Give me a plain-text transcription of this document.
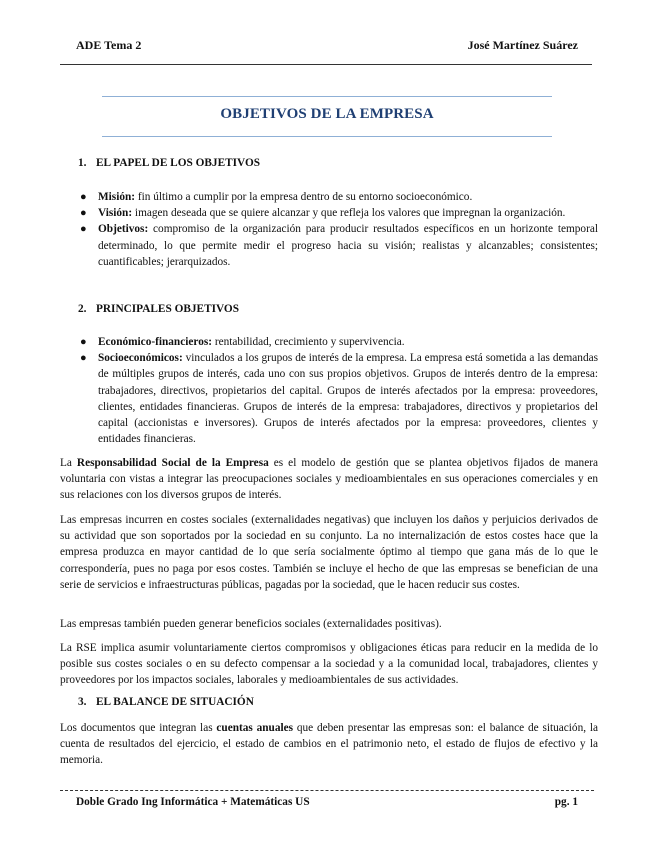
ADE Tema 2	José Martínez Suárez
OBJETIVOS DE LA EMPRESA
1. EL PAPEL DE LOS OBJETIVOS
● Misión: fin último a cumplir por la empresa dentro de su entorno socioeconómico.
● Visión: imagen deseada que se quiere alcanzar y que refleja los valores que impregnan la organización.
● Objetivos: compromiso de la organización para producir resultados específicos en un horizonte temporal determinado, lo que permite medir el progreso hacia su visión; realistas y alcanzables; consistentes; cuantificables; jerarquizados.
2. PRINCIPALES OBJETIVOS
● Económico-financieros: rentabilidad, crecimiento y supervivencia.
● Socioeconómicos: vinculados a los grupos de interés de la empresa. La empresa está sometida a las demandas de múltiples grupos de interés, cada uno con sus propios objetivos. Grupos de interés dentro de la empresa: trabajadores, directivos, propietarios del capital. Grupos de interés afectados por la empresa: proveedores, clientes, entidades financieras. Grupos de interés de la empresa: trabajadores, directivos y propietarios del capital (accionistas e inversores). Grupos de interés afectados por la empresa: proveedores, clientes y entidades financieras.

La Responsabilidad Social de la Empresa es el modelo de gestión que se plantea objetivos fijados de manera voluntaria con vistas a integrar las preocupaciones sociales y medioambientales en sus operaciones comerciales y en sus relaciones con los diversos grupos de interés.

Las empresas incurren en costes sociales (externalidades negativas) que incluyen los daños y perjuicios derivados de su actividad que son soportados por la sociedad en su conjunto. La no internalización de estos costes hace que la empresa produzca en mayor cantidad de lo que sería socialmente óptimo al tiempo que gana más de lo que le correspondería, pues no paga por esos costes. También se incluye el hecho de que las empresas se benefician de una serie de servicios e infraestructuras públicas, pagadas por la sociedad, que le hacen reducir sus costes.

Las empresas también pueden generar beneficios sociales (externalidades positivas).

La RSE implica asumir voluntariamente ciertos compromisos y obligaciones éticas para reducir en la medida de lo posible sus costes sociales o en su defecto compensar a la sociedad y a la comunidad local, trabajadores, clientes y proveedores por los impactos sociales, laborales y medioambientales de sus actividades.

3. EL BALANCE DE SITUACIÓN

Los documentos que integran las cuentas anuales que deben presentar las empresas son: el balance de situación, la cuenta de resultados del ejercicio, el estado de cambios en el patrimonio neto, el estado de flujos de efectivo y la memoria.

Doble Grado Ing Informática + Matemáticas US	pg. 1
